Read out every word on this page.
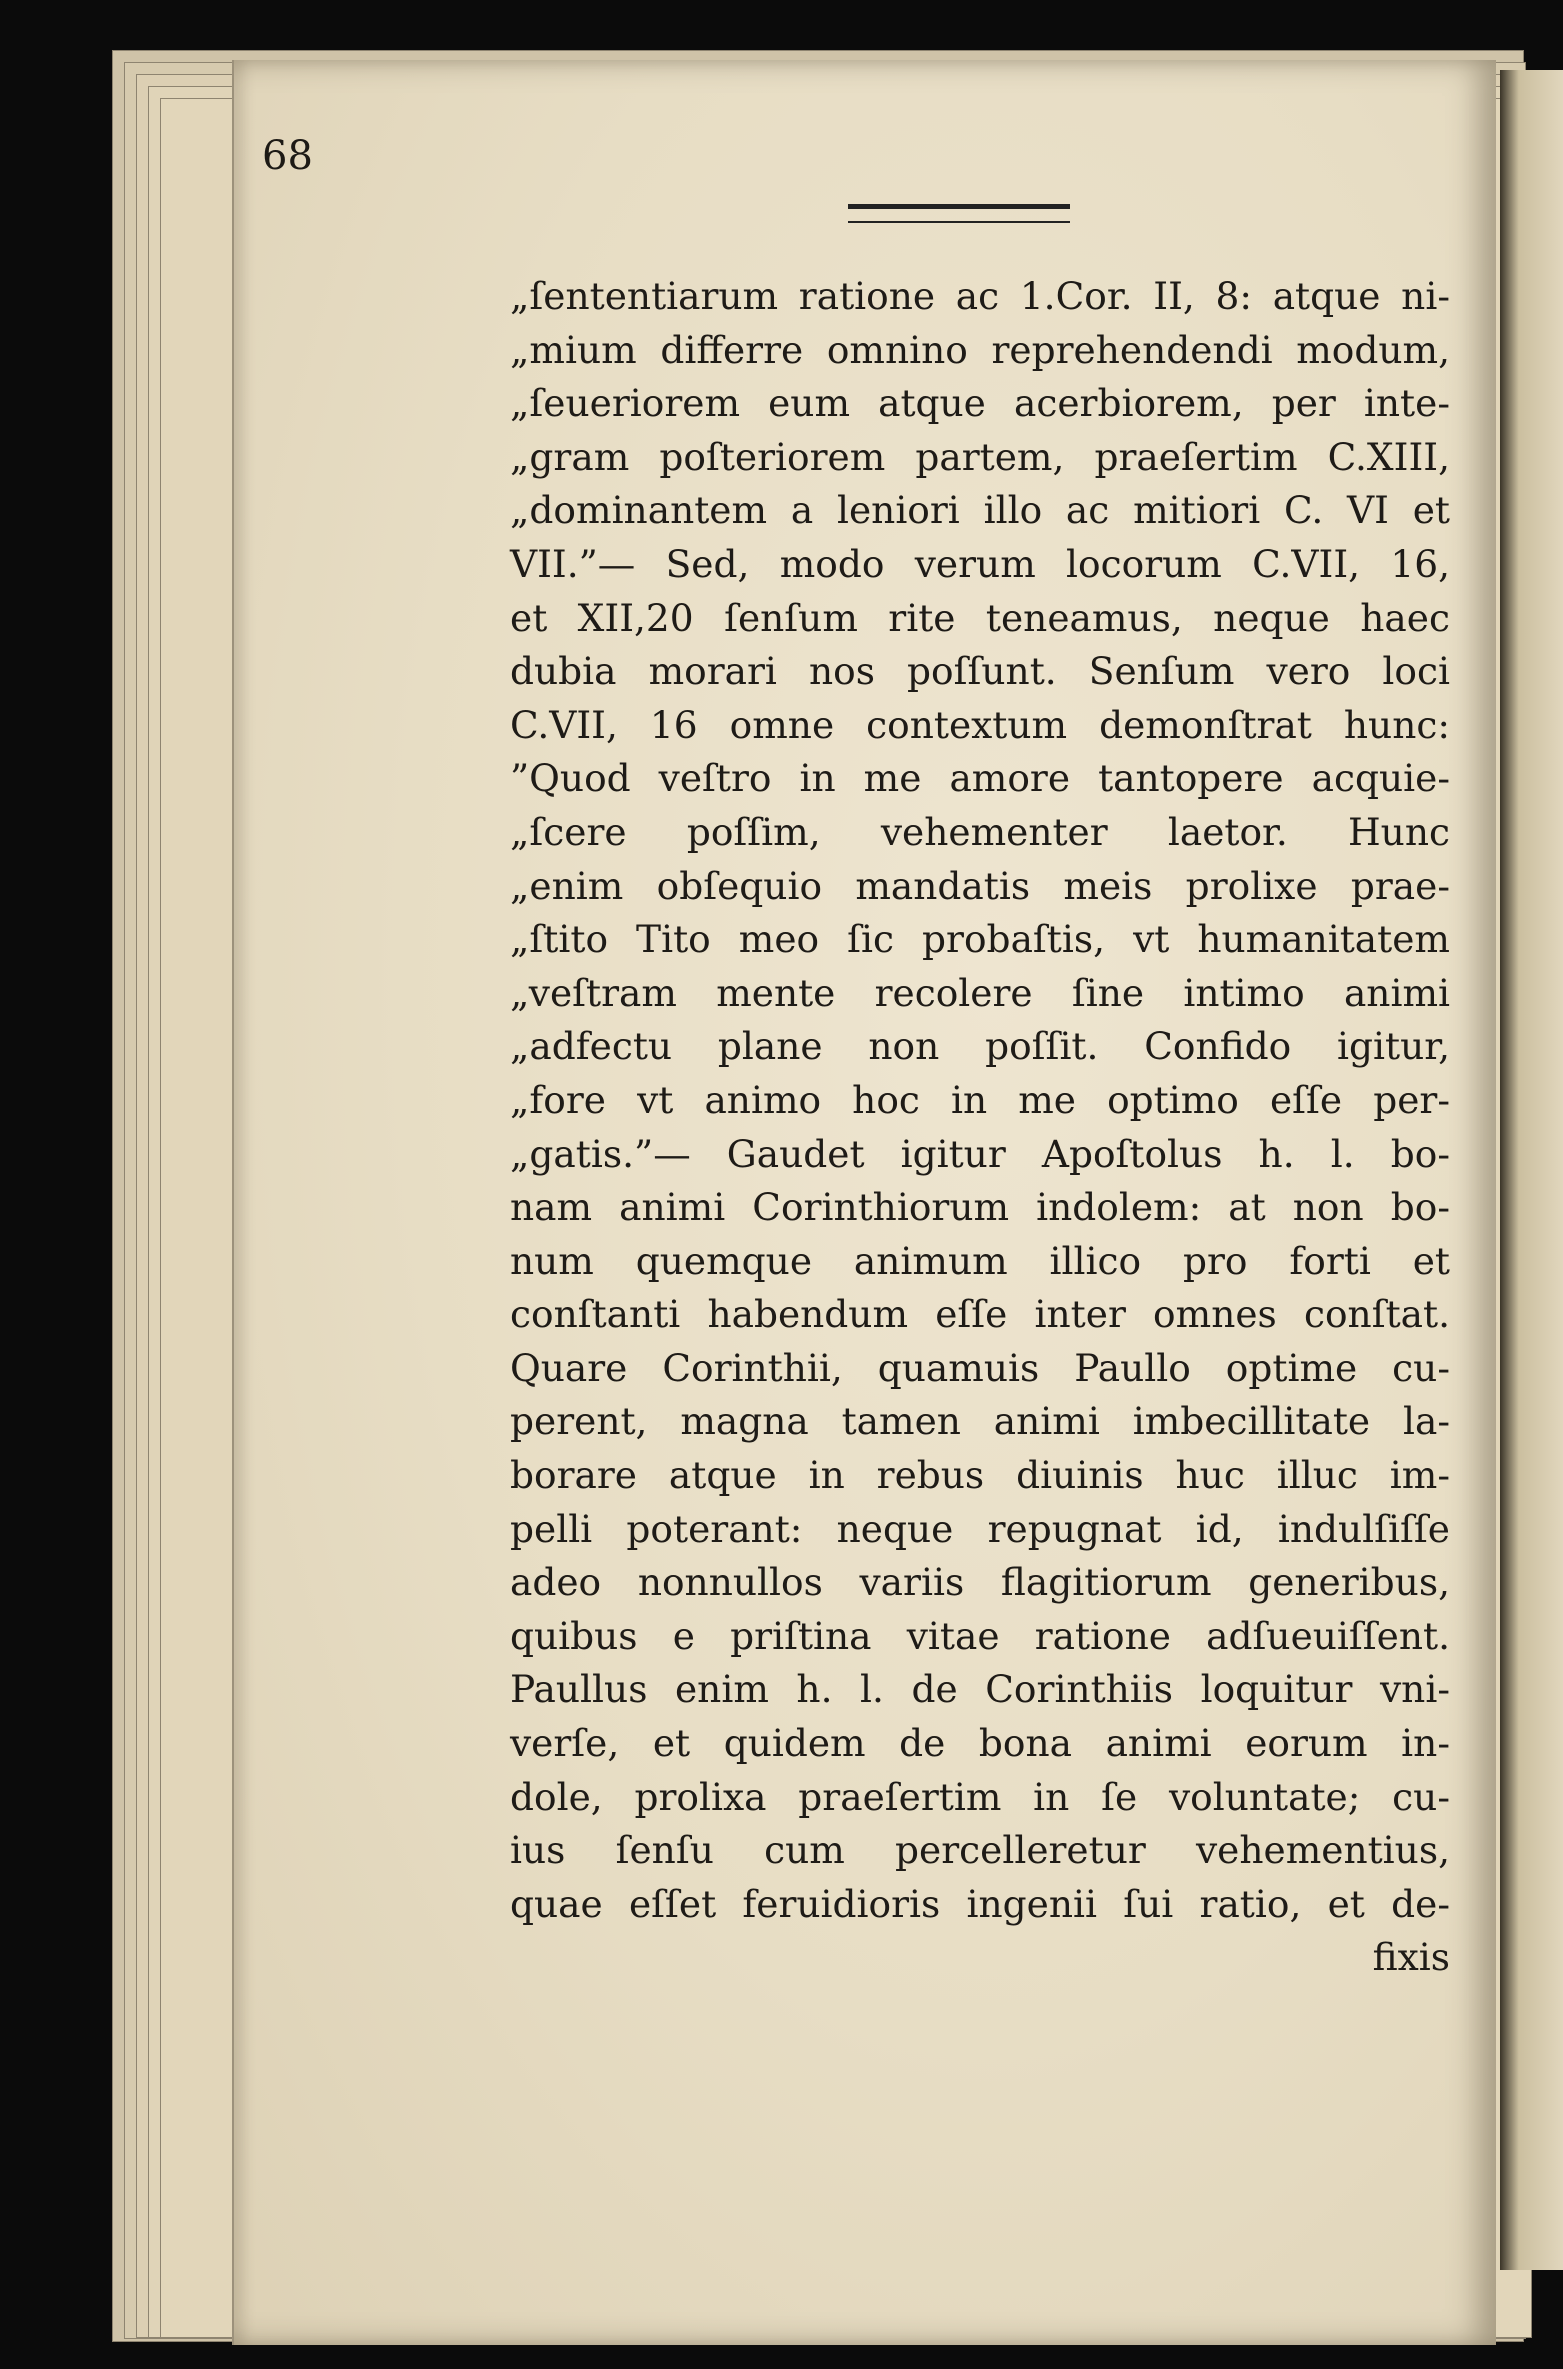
68
„ſententiarum ratione ac 1.Cor. II, 8: atque ni-
„mium differre omnino reprehendendi modum,
„ſeueriorem eum atque acerbiorem, per inte-
„gram poſteriorem partem, praeſertim C.XIII,
„dominantem a leniori illo ac mitiori C. VI et
VII.”— Sed, modo verum locorum C.VII, 16,
et XII,20 ſenſum rite teneamus, neque haec
dubia morari nos poſſunt. Senſum vero loci
C.VII, 16 omne contextum demonſtrat hunc:
”Quod veſtro in me amore tantopere acquie-
„ſcere poſſim, vehementer laetor. Hunc
„enim obſequio mandatis meis prolixe prae-
„ſtito Tito meo ſic probaſtis, vt humanitatem
„veſtram mente recolere ſine intimo animi
„adfectu plane non poſſit. Confido igitur,
„fore vt animo hoc in me optimo eſſe per-
„gatis.”— Gaudet igitur Apoſtolus h. l. bo-
nam animi Corinthiorum indolem: at non bo-
num quemque animum illico pro forti et
conſtanti habendum eſſe inter omnes conſtat.
Quare Corinthii, quamuis Paullo optime cu-
perent, magna tamen animi imbecillitate la-
borare atque in rebus diuinis huc illuc im-
pelli poterant: neque repugnat id, indulſiſſe
adeo nonnullos variis flagitiorum generibus,
quibus e priſtina vitae ratione adſueuiſſent.
Paullus enim h. l. de Corinthiis loquitur vni-
verſe, et quidem de bona animi eorum in-
dole, prolixa praeſertim in ſe voluntate; cu-
ius ſenſu cum percelleretur vehementius,
quae eſſet feruidioris ingenii ſui ratio, et de-
fixis
